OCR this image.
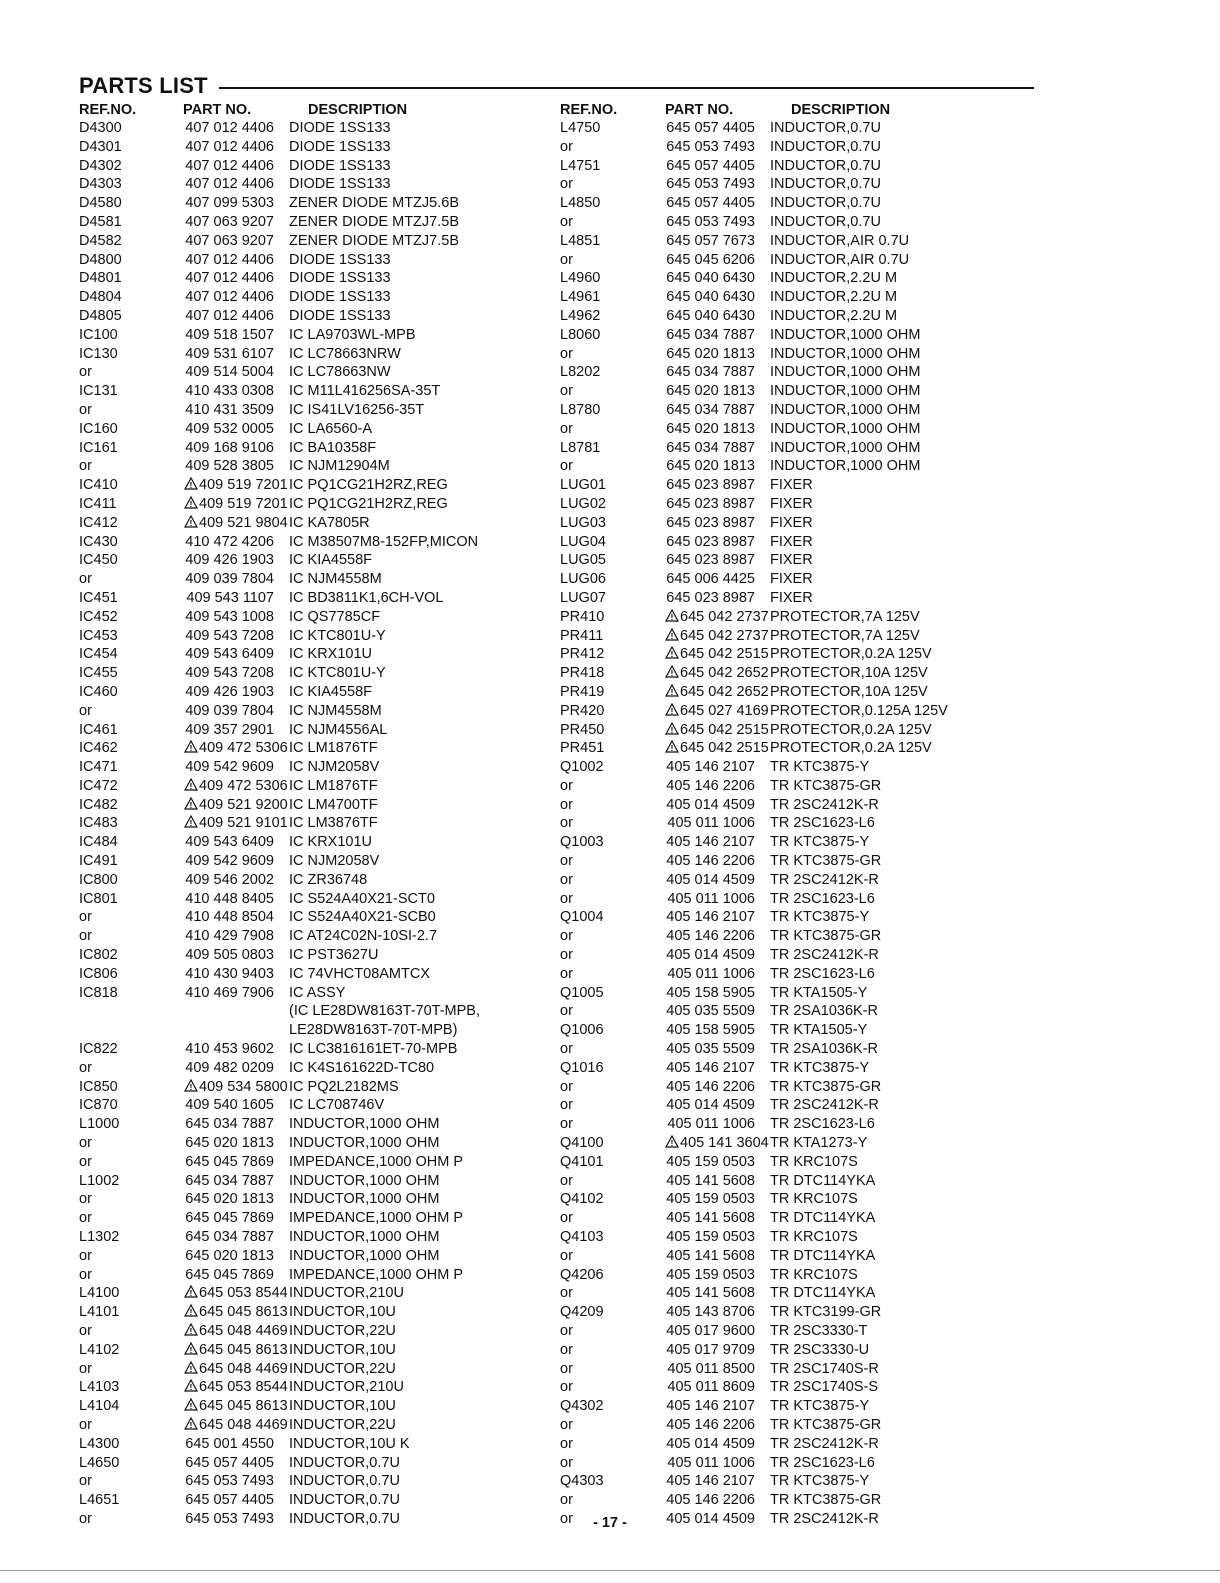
PARTS LIST
REF.NO.	PART NO.	DESCRIPTION	REF.NO.	PART NO.	DESCRIPTION
D4300	407 012 4406 DIODE 1SS133
D4301	407 012 4406 DIODE 1SS133
D4302	407 012 4406 DIODE 1SS133
D4303	407 012 4406 DIODE 1SS133
D4580	407 099 5303 ZENER DIODE MTZJ5.6B
D4581	407 063 9207 ZENER DIODE MTZJ7.5B
D4582	407 063 9207 ZENER DIODE MTZJ7.5B
D4800	407 012 4406 DIODE 1SS133
D4801	407 012 4406 DIODE 1SS133
D4804	407 012 4406 DIODE 1SS133
D4805	407 012 4406 DIODE 1SS133
IC100	409 518 1507 IC LA9703WL-MPB
IC130	409 531 6107 IC LC78663NRW
or	409 514 5004 IC LC78663NW
IC131	410 433 0308 IC M11L416256SA-35T
or	410 431 3509 IC IS41LV16256-35T
IC160	409 532 0005 IC LA6560-A
IC161	409 168 9106 IC BA10358F
or	409 528 3805 IC NJM12904M
IC410	! 409 519 7201 IC PQ1CG21H2RZ,REG
IC411	! 409 519 7201 IC PQ1CG21H2RZ,REG
IC412	! 409 521 9804 IC KA7805R
IC430	410 472 4206 IC M38507M8-152FP,MICON
IC450	409 426 1903 IC KIA4558F
or	409 039 7804 IC NJM4558M
IC451	409 543 1107 IC BD3811K1,6CH-VOL
IC452	409 543 1008 IC QS7785CF
IC453	409 543 7208 IC KTC801U-Y
IC454	409 543 6409 IC KRX101U
IC455	409 543 7208 IC KTC801U-Y
IC460	409 426 1903 IC KIA4558F
or	409 039 7804 IC NJM4558M
IC461	409 357 2901 IC NJM4556AL
IC462	! 409 472 5306 IC LM1876TF
IC471	409 542 9609 IC NJM2058V
IC472	! 409 472 5306 IC LM1876TF
IC482	! 409 521 9200 IC LM4700TF
IC483	! 409 521 9101 IC LM3876TF
IC484	409 543 6409 IC KRX101U
IC491	409 542 9609 IC NJM2058V
IC800	409 546 2002 IC ZR36748
IC801	410 448 8405 IC S524A40X21-SCT0
or	410 448 8504 IC S524A40X21-SCB0
or	410 429 7908 IC AT24C02N-10SI-2.7
IC802	409 505 0803 IC PST3627U
IC806	410 430 9403 IC 74VHCT08AMTCX
IC818	410 469 7906 IC ASSY
(IC LE28DW8163T-70T-MPB,
LE28DW8163T-70T-MPB)
IC822	410 453 9602 IC LC3816161ET-70-MPB
or	409 482 0209 IC K4S161622D-TC80
IC850	! 409 534 5800 IC PQ2L2182MS
IC870	409 540 1605 IC LC708746V
L1000	645 034 7887 INDUCTOR,1000 OHM
or	645 020 1813 INDUCTOR,1000 OHM
or	645 045 7869 IMPEDANCE,1000 OHM P
L1002	645 034 7887 INDUCTOR,1000 OHM
or	645 020 1813 INDUCTOR,1000 OHM
or	645 045 7869 IMPEDANCE,1000 OHM P
L1302	645 034 7887 INDUCTOR,1000 OHM
or	645 020 1813 INDUCTOR,1000 OHM
or	645 045 7869 IMPEDANCE,1000 OHM P
L4100	! 645 053 8544 INDUCTOR,210U
L4101	! 645 045 8613 INDUCTOR,10U
or	! 645 048 4469 INDUCTOR,22U
L4102	! 645 045 8613 INDUCTOR,10U
or	! 645 048 4469 INDUCTOR,22U
L4103	! 645 053 8544 INDUCTOR,210U
L4104	! 645 045 8613 INDUCTOR,10U
or	! 645 048 4469 INDUCTOR,22U
L4300	645 001 4550 INDUCTOR,10U K
L4650	645 057 4405 INDUCTOR,0.7U
or	645 053 7493 INDUCTOR,0.7U
L4651	645 057 4405 INDUCTOR,0.7U
or	645 053 7493 INDUCTOR,0.7U
L4750	645 057 4405 INDUCTOR,0.7U
or	645 053 7493 INDUCTOR,0.7U
L4751	645 057 4405 INDUCTOR,0.7U
or	645 053 7493 INDUCTOR,0.7U
L4850	645 057 4405 INDUCTOR,0.7U
or	645 053 7493 INDUCTOR,0.7U
L4851	645 057 7673 INDUCTOR,AIR 0.7U
or	645 045 6206 INDUCTOR,AIR 0.7U
L4960	645 040 6430 INDUCTOR,2.2U M
L4961	645 040 6430 INDUCTOR,2.2U M
L4962	645 040 6430 INDUCTOR,2.2U M
L8060	645 034 7887 INDUCTOR,1000 OHM
or	645 020 1813 INDUCTOR,1000 OHM
L8202	645 034 7887 INDUCTOR,1000 OHM
or	645 020 1813 INDUCTOR,1000 OHM
L8780	645 034 7887 INDUCTOR,1000 OHM
or	645 020 1813 INDUCTOR,1000 OHM
L8781	645 034 7887 INDUCTOR,1000 OHM
or	645 020 1813 INDUCTOR,1000 OHM
LUG01	645 023 8987 FIXER
LUG02	645 023 8987 FIXER
LUG03	645 023 8987 FIXER
LUG04	645 023 8987 FIXER
LUG05	645 023 8987 FIXER
LUG06	645 006 4425 FIXER
LUG07	645 023 8987 FIXER
PR410	! 645 042 2737 PROTECTOR,7A 125V
PR411	! 645 042 2737 PROTECTOR,7A 125V
PR412	! 645 042 2515 PROTECTOR,0.2A 125V
PR418	! 645 042 2652 PROTECTOR,10A 125V
PR419	! 645 042 2652 PROTECTOR,10A 125V
PR420	! 645 027 4169 PROTECTOR,0.125A 125V
PR450	! 645 042 2515 PROTECTOR,0.2A 125V
PR451	! 645 042 2515 PROTECTOR,0.2A 125V
Q1002	405 146 2107 TR KTC3875-Y
or	405 146 2206 TR KTC3875-GR
or	405 014 4509 TR 2SC2412K-R
or	405 011 1006 TR 2SC1623-L6
Q1003	405 146 2107 TR KTC3875-Y
or	405 146 2206 TR KTC3875-GR
or	405 014 4509 TR 2SC2412K-R
or	405 011 1006 TR 2SC1623-L6
Q1004	405 146 2107 TR KTC3875-Y
or	405 146 2206 TR KTC3875-GR
or	405 014 4509 TR 2SC2412K-R
or	405 011 1006 TR 2SC1623-L6
Q1005	405 158 5905 TR KTA1505-Y
or	405 035 5509 TR 2SA1036K-R
Q1006	405 158 5905 TR KTA1505-Y
or	405 035 5509 TR 2SA1036K-R
Q1016	405 146 2107 TR KTC3875-Y
or	405 146 2206 TR KTC3875-GR
or	405 014 4509 TR 2SC2412K-R
or	405 011 1006 TR 2SC1623-L6
Q4100	! 405 141 3604 TR KTA1273-Y
Q4101	405 159 0503 TR KRC107S
or	405 141 5608 TR DTC114YKA
Q4102	405 159 0503 TR KRC107S
or	405 141 5608 TR DTC114YKA
Q4103	405 159 0503 TR KRC107S
or	405 141 5608 TR DTC114YKA
Q4206	405 159 0503 TR KRC107S
or	405 141 5608 TR DTC114YKA
Q4209	405 143 8706 TR KTC3199-GR
or	405 017 9600 TR 2SC3330-T
or	405 017 9709 TR 2SC3330-U
or	405 011 8500 TR 2SC1740S-R
or	405 011 8609 TR 2SC1740S-S
Q4302	405 146 2107 TR KTC3875-Y
or	405 146 2206 TR KTC3875-GR
or	405 014 4509 TR 2SC2412K-R
or	405 011 1006 TR 2SC1623-L6
Q4303	405 146 2107 TR KTC3875-Y
or	405 146 2206 TR KTC3875-GR
or	405 014 4509 TR 2SC2412K-R
- 17 -
